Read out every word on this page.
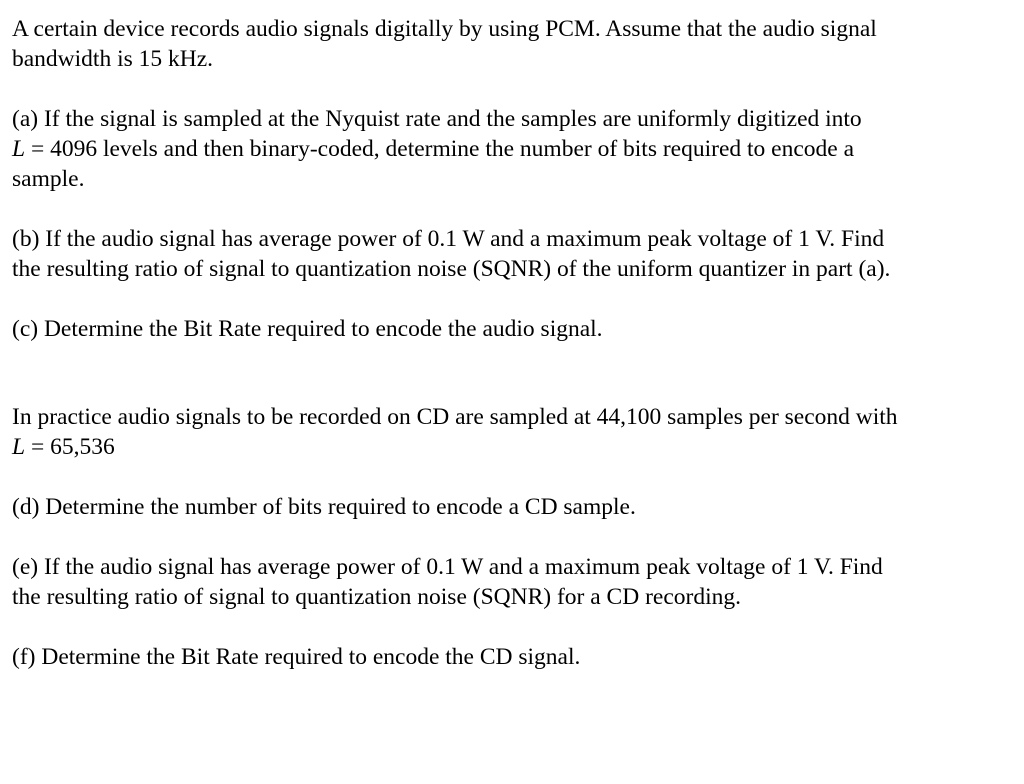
A certain device records audio signals digitally by using PCM. Assume that the audio signal
bandwidth is 15 kHz.

(a) If the signal is sampled at the Nyquist rate and the samples are uniformly digitized into
L = 4096 levels and then binary-coded, determine the number of bits required to encode a
sample.

(b) If the audio signal has average power of 0.1 W and a maximum peak voltage of 1 V. Find
the resulting ratio of signal to quantization noise (SQNR) of the uniform quantizer in part (a).

(c) Determine the Bit Rate required to encode the audio signal.

In practice audio signals to be recorded on CD are sampled at 44,100 samples per second with
L = 65,536

(d) Determine the number of bits required to encode a CD sample.

(e) If the audio signal has average power of 0.1 W and a maximum peak voltage of 1 V. Find
the resulting ratio of signal to quantization noise (SQNR) for a CD recording.

(f) Determine the Bit Rate required to encode the CD signal.
